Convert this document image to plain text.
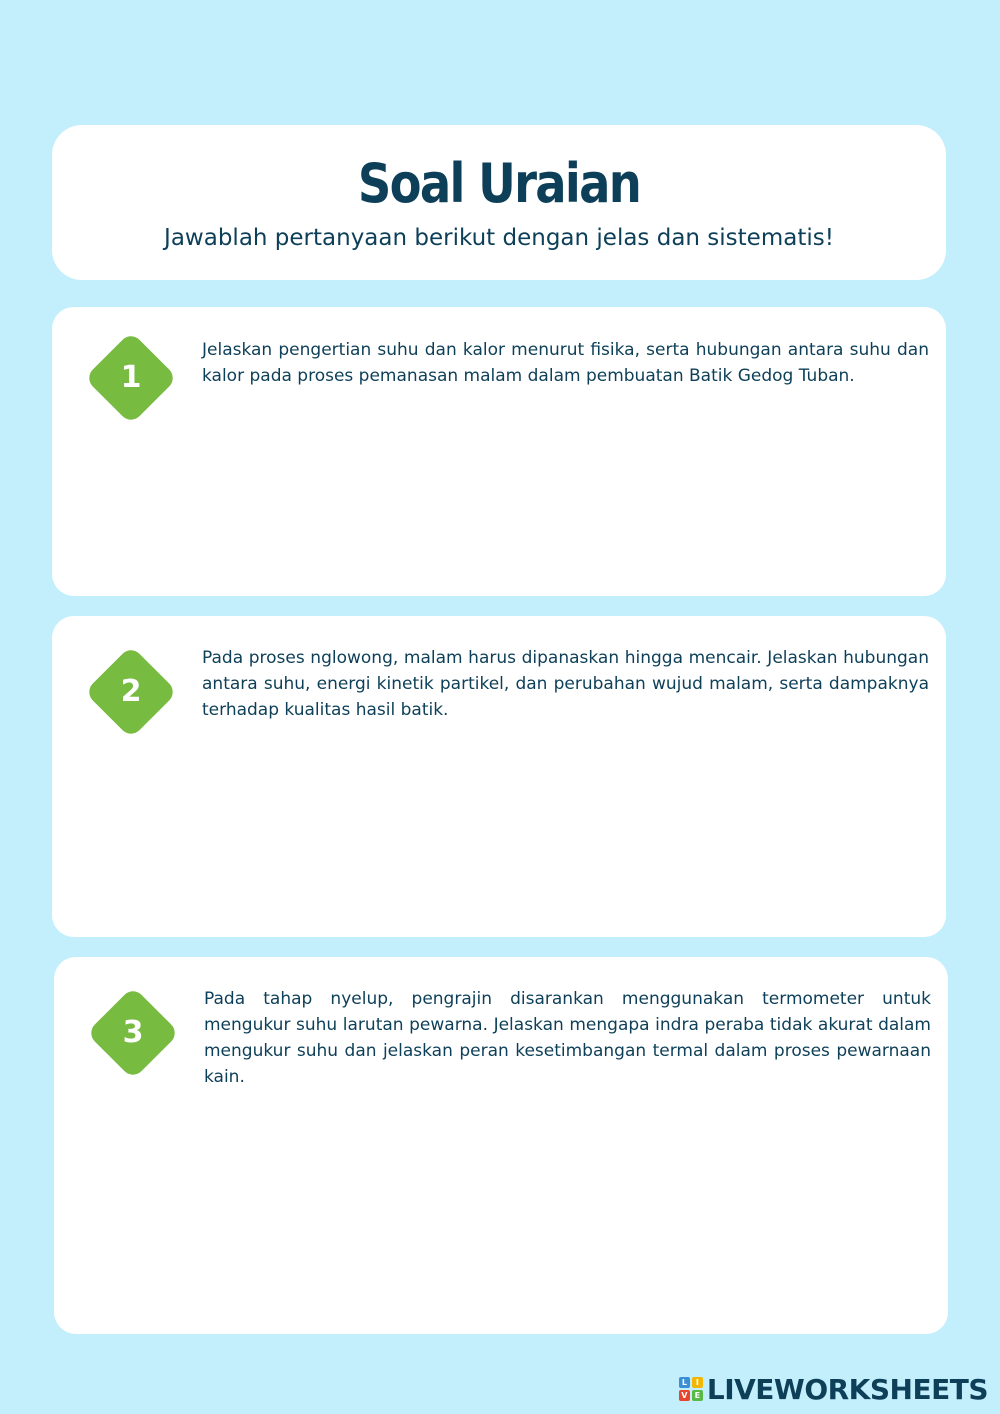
Soal Uraian

Jawablah pertanyaan berikut dengan jelas dan sistematis!

1

Jelaskan pengertian suhu dan kalor menurut fisika, serta hubungan antara suhu dan kalor pada proses pemanasan malam dalam pembuatan Batik Gedog Tuban.

2

Pada proses nglowong, malam harus dipanaskan hingga mencair. Jelaskan hubungan antara suhu, energi kinetik partikel, dan perubahan wujud malam, serta dampaknya terhadap kualitas hasil batik.

3

Pada tahap nyelup, pengrajin disarankan menggunakan termometer untuk mengukur suhu larutan pewarna. Jelaskan mengapa indra peraba tidak akurat dalam mengukur suhu dan jelaskan peran kesetimbangan termal dalam proses pewarnaan kain.

L	I
V E LIVEWORKSHEETS
